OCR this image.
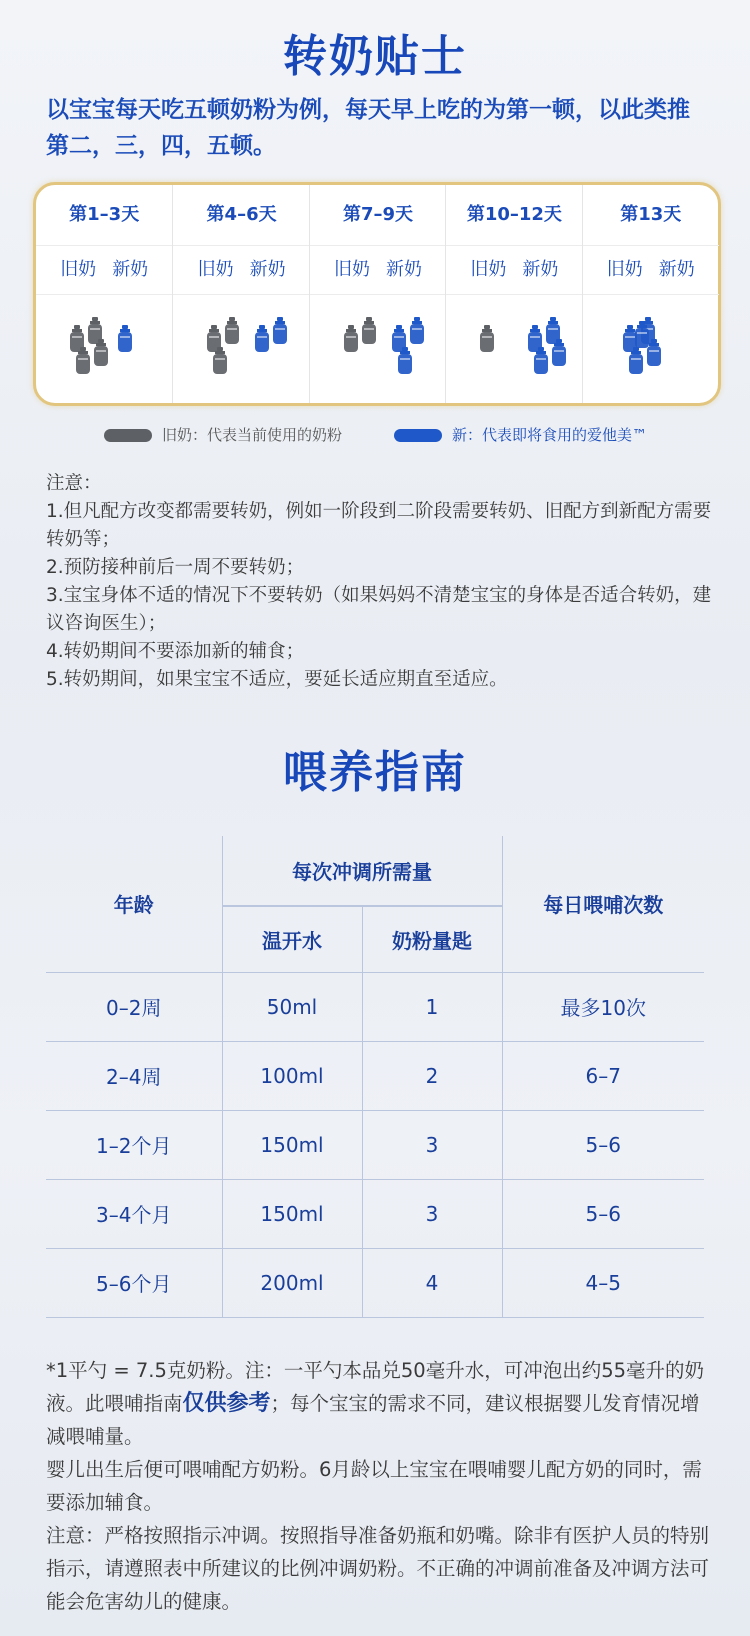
转奶贴士
以宝宝每天吃五顿奶粉为例，每天早上吃的为第一顿，以此类推第二，三，四，五顿。
第1–3天
旧奶 新奶
第4–6天
旧奶 新奶
第7–9天
旧奶 新奶
第10–12天
旧奶 新奶
第13天
旧奶 新奶
旧奶：代表当前使用的奶粉	新：代表即将食用的爱他美™
注意：
1.但凡配方改变都需要转奶，例如一阶段到二阶段需要转奶、旧配方到新配方需要转奶等；
2.预防接种前后一周不要转奶；
3.宝宝身体不适的情况下不要转奶（如果妈妈不清楚宝宝的身体是否适合转奶，建议咨询医生）；
4.转奶期间不要添加新的辅食；
5.转奶期间，如果宝宝不适应，要延长适应期直至适应。
喂养指南
年龄	每次冲调所需量		每日喂哺次数
	温开水	奶粉量匙	
0–2周	50ml	1	最多10次
2–4周	100ml	2	6–7
1–2个月	150ml	3	5–6
3–4个月	150ml	3	5–6
5–6个月	200ml	4	4–5
*1平勺 = 7.5克奶粉。注：一平勺本品兑50毫升水，可冲泡出约55毫升的奶液。此喂哺指南仅供参考；每个宝宝的需求不同，建议根据婴儿发育情况增减喂哺量。
婴儿出生后便可喂哺配方奶粉。6月龄以上宝宝在喂哺婴儿配方奶的同时，需要添加辅食。
注意：严格按照指示冲调。按照指导准备奶瓶和奶嘴。除非有医护人员的特别指示，请遵照表中所建议的比例冲调奶粉。不正确的冲调前准备及冲调方法可能会危害幼儿的健康。
